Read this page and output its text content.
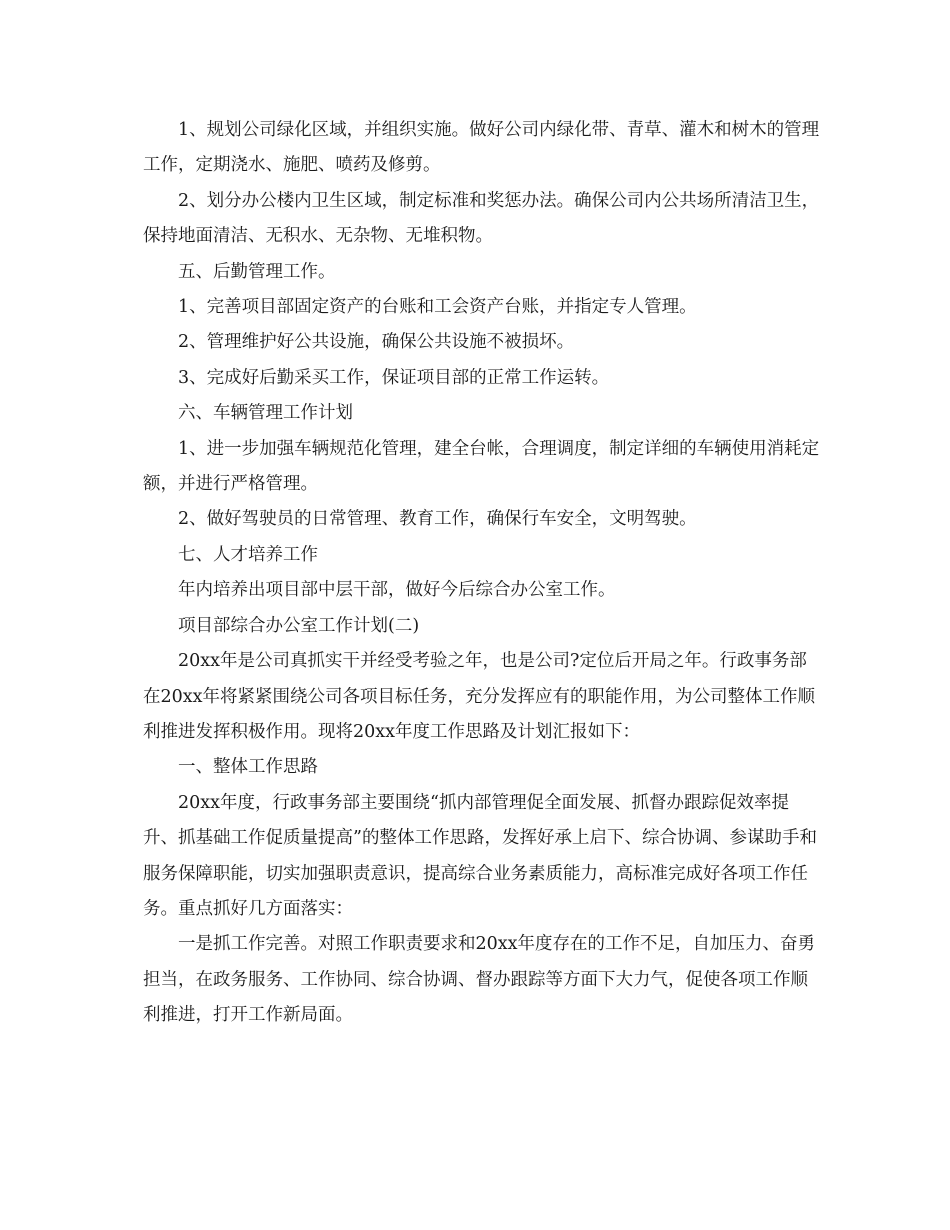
1、规划公司绿化区域，并组织实施。做好公司内绿化带、青草、灌木和树木的管理工作，定期浇水、施肥、喷药及修剪。

2、划分办公楼内卫生区域，制定标准和奖惩办法。确保公司内公共场所清洁卫生，保持地面清洁、无积水、无杂物、无堆积物。

五、后勤管理工作。

1、完善项目部固定资产的台账和工会资产台账，并指定专人管理。

2、管理维护好公共设施，确保公共设施不被损坏。

3、完成好后勤采买工作，保证项目部的正常工作运转。

六、车辆管理工作计划

1、进一步加强车辆规范化管理，建全台帐，合理调度，制定详细的车辆使用消耗定额，并进行严格管理。

2、做好驾驶员的日常管理、教育工作，确保行车安全，文明驾驶。

七、人才培养工作

年内培养出项目部中层干部，做好今后综合办公室工作。

项目部综合办公室工作计划(二)

20xx年是公司真抓实干并经受考验之年，也是公司?定位后开局之年。行政事务部在20xx年将紧紧围绕公司各项目标任务，充分发挥应有的职能作用，为公司整体工作顺利推进发挥积极作用。现将20xx年度工作思路及计划汇报如下：

一、整体工作思路

20xx年度，行政事务部主要围绕“抓内部管理促全面发展、抓督办跟踪促效率提升、抓基础工作促质量提高”的整体工作思路，发挥好承上启下、综合协调、参谋助手和服务保障职能，切实加强职责意识，提高综合业务素质能力，高标准完成好各项工作任务。重点抓好几方面落实：

一是抓工作完善。对照工作职责要求和20xx年度存在的工作不足，自加压力、奋勇担当，在政务服务、工作协同、综合协调、督办跟踪等方面下大力气，促使各项工作顺利推进，打开工作新局面。
